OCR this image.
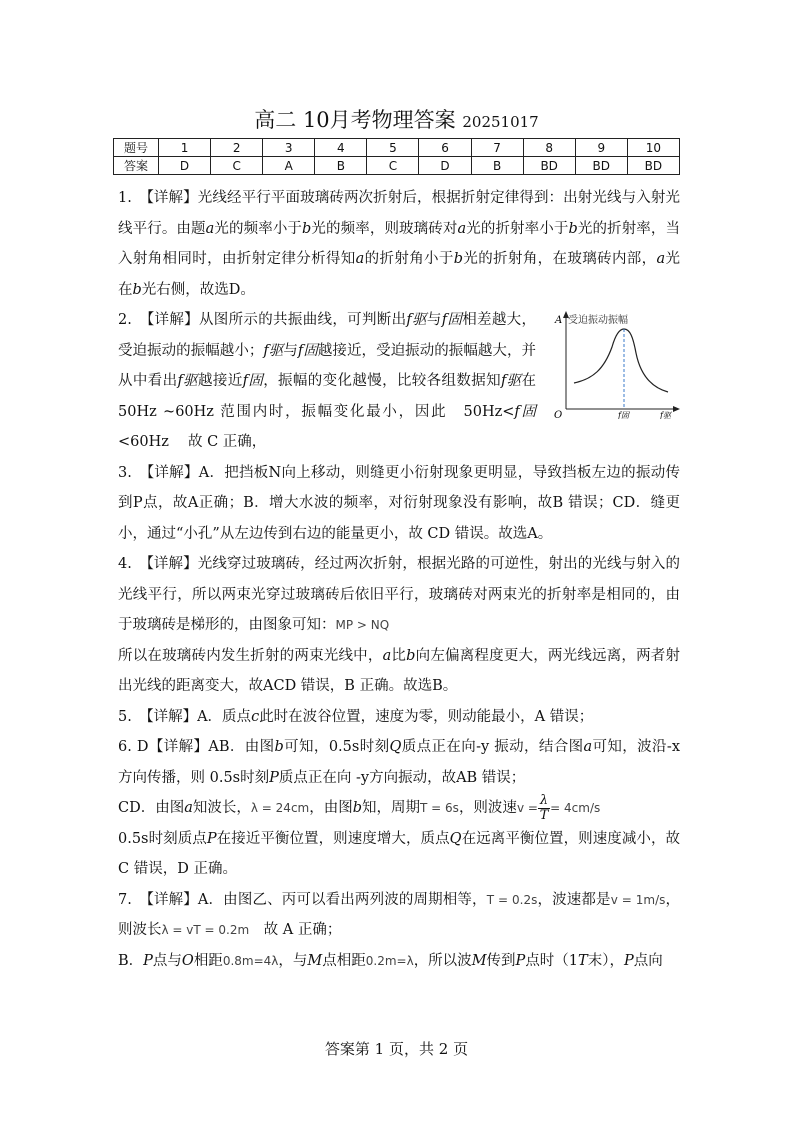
高二 10月考物理答案 20251017
题号	1	2	3	4	5	6	7	8	9	10
答案	D	C	A	B	C	D	B	BD	BD	BD

1.　【详解】光线经平行平面玻璃砖两次折射后，根据折射定律得到：出射光线与入射光线平行。由题a光的频率小于b光的频率，则玻璃砖对a光的折射率小于b光的折射率，当入射角相同时，由折射定律分析得知a的折射角小于b光的折射角，在玻璃砖内部，a光在b光右侧，故选D。

A 受迫振动振幅
O	f固	f驱

2.　【详解】从图所示的共振曲线，可判断出f驱与f固相差越大，受迫振动的振幅越小；f驱与f固越接近，受迫振动的振幅越大，并从中看出f驱越接近f固，振幅的变化越慢，比较各组数据知f驱在 50Hz ~60Hz 范围内时，振幅变化最小，因此　50Hz<f固<60Hz　 故 C 正确，

3.　【详解】A．把挡板N向上移动，则缝更小衍射现象更明显，导致挡板左边的振动传到P点，故A正确；B．增大水波的频率，对衍射现象没有影响，故B 错误；CD．缝更小，通过“小孔”从左边传到右边的能量更小，故 CD 错误。故选A。

4.　【详解】光线穿过玻璃砖，经过两次折射，根据光路的可逆性，射出的光线与射入的光线平行，所以两束光穿过玻璃砖后依旧平行，玻璃砖对两束光的折射率是相同的，由于玻璃砖是梯形的，由图象可知：MP > NQ

所以在玻璃砖内发生折射的两束光线中，a比b向左偏离程度更大，两光线远离，两者射出光线的距离变大，故ACD 错误，B 正确。故选B。

5.　【详解】A．质点c此时在波谷位置，速度为零，则动能最小，A 错误；

6. D【详解】AB．由图b可知，0.5s时刻Q质点正在向-y 振动，结合图a可知，波沿-x 方向传播，则 0.5s时刻P质点正在向 -y方向振动，故AB 错误；

CD．由图a知波长，λ = 24cm，由图b知，周期T = 6s，则波速$v = \frac{\lambda}{T} = 4cm/s$

0.5s时刻质点P在接近平衡位置，则速度增大，质点Q在远离平衡位置，则速度减小，故 C 错误，D 正确。

7.　【详解】A．由图乙、丙可以看出两列波的周期相等，T = 0.2s，波速都是v = 1m/s，则波长λ = vT = 0.2m　故 A 正确；

B．P点与O相距0.8m=4λ，与M点相距0.2m=λ，所以波M传到P点时（1T末），P点向

答案第 1 页，共 2 页
